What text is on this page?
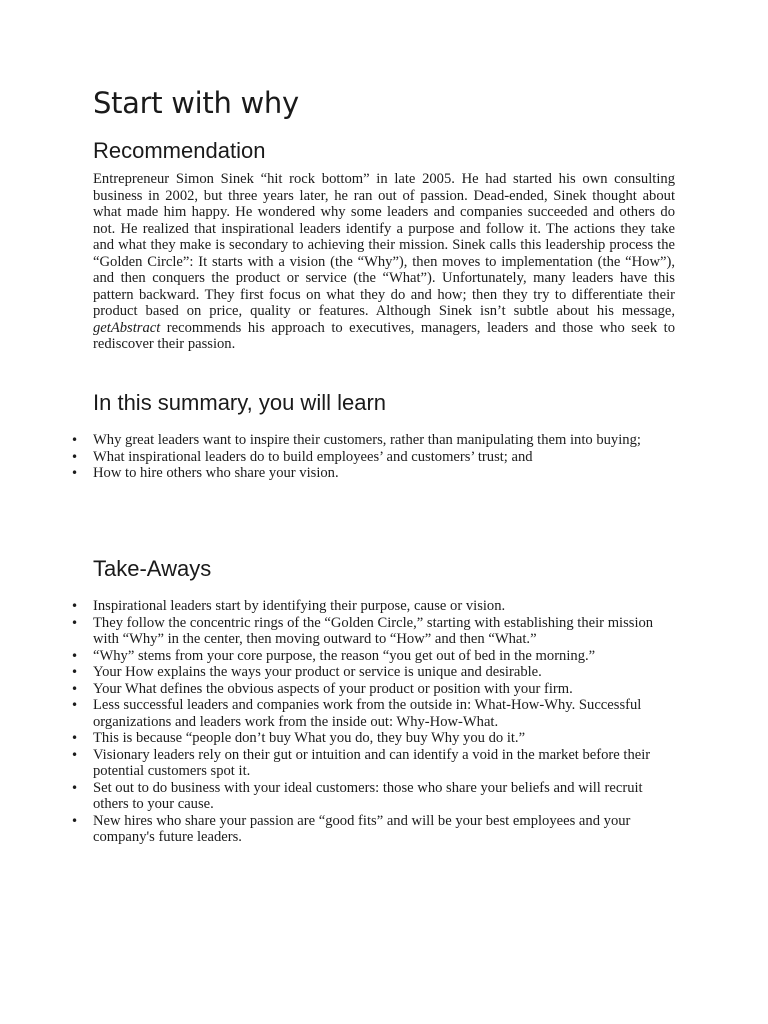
Start with why
Recommendation

Entrepreneur Simon Sinek “hit rock bottom” in late 2005. He had started his own consulting business in 2002, but three years later, he ran out of passion. Dead-ended, Sinek thought about what made him happy. He wondered why some leaders and companies succeeded and others do not. He realized that inspirational leaders identify a purpose and follow it. The actions they take and what they make is secondary to achieving their mission. Sinek calls this leadership process the “Golden Circle”: It starts with a vision (the “Why”), then moves to implementation (the “How”), and then conquers the product or service (the “What”). Unfortunately, many leaders have this pattern backward. They first focus on what they do and how; then they try to differentiate their product based on price, quality or features. Although Sinek isn’t subtle about his message, getAbstract recommends his approach to executives, managers, leaders and those who seek to rediscover their passion.

In this summary, you will learn
• Why great leaders want to inspire their customers, rather than manipulating them into buying;
• What inspirational leaders do to build employees’ and customers’ trust; and
• How to hire others who share your vision.
Take-Aways
• Inspirational leaders start by identifying their purpose, cause or vision.
• They follow the concentric rings of the “Golden Circle,” starting with establishing their mission with “Why” in the center, then moving outward to “How” and then “What.”
• “Why” stems from your core purpose, the reason “you get out of bed in the morning.”
• Your How explains the ways your product or service is unique and desirable.
• Your What defines the obvious aspects of your product or position with your firm.
• Less successful leaders and companies work from the outside in: What-How-Why. Successful organizations and leaders work from the inside out: Why-How-What.
• This is because “people don’t buy What you do, they buy Why you do it.”
• Visionary leaders rely on their gut or intuition and can identify a void in the market before their potential customers spot it.
• Set out to do business with your ideal customers: those who share your beliefs and will recruit others to your cause.
• New hires who share your passion are “good fits” and will be your best employees and your company's future leaders.
